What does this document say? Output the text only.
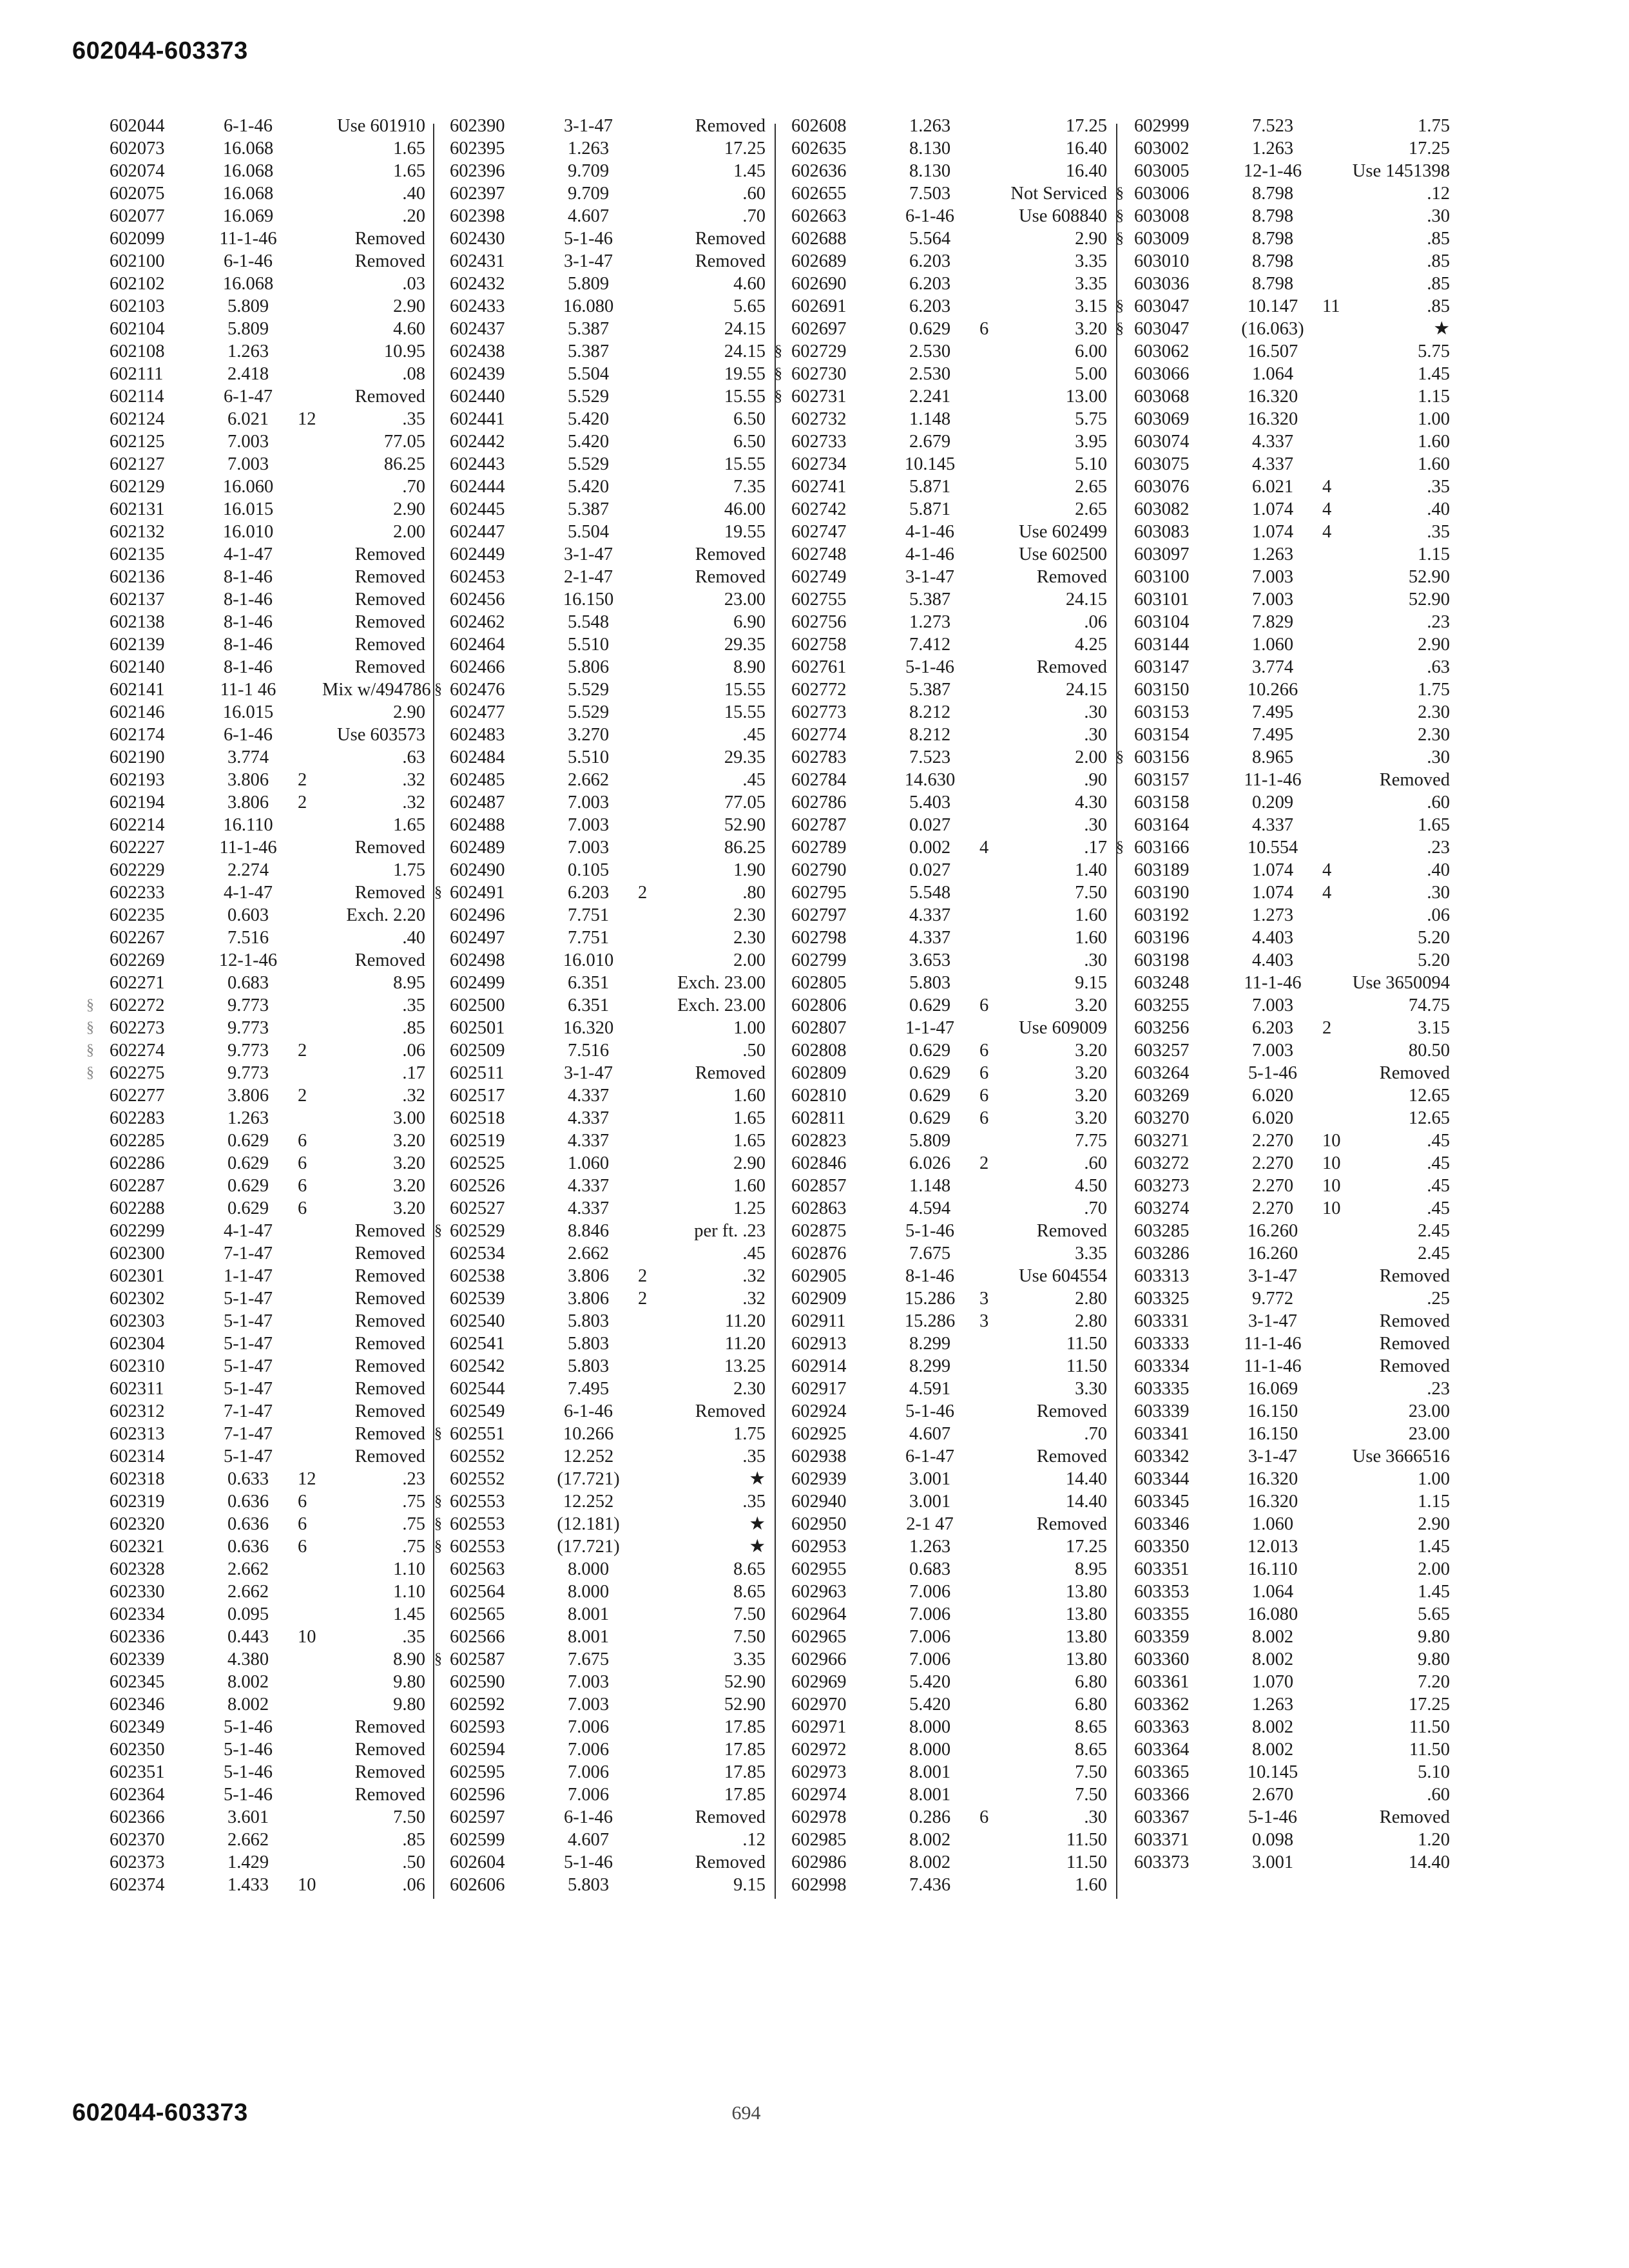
602044-603373
602044	6-1-46	Use 601910
602073	16.068	1.65
602074	16.068	1.65
602075	16.068	.40
602077	16.069	.20
602099	11-1-46	Removed
602100	6-1-46	Removed
602102	16.068	.03
602103	5.809	2.90
602104	5.809	4.60
602108	1.263	10.95
602111	2.418	.08
602114	6-1-47	Removed
602124	6.021	12	.35
602125	7.003	77.05
602127	7.003	86.25
602129	16.060	.70
602131	16.015	2.90
602132	16.010	2.00
602135	4-1-47	Removed
602136	8-1-46	Removed
602137	8-1-46	Removed
602138	8-1-46	Removed
602139	8-1-46	Removed
602140	8-1-46	Removed
602141	11-1 46	Mix w/494786 §
602146	16.015	2.90
602174	6-1-46	Use 603573
602190	3.774	.63
602193	3.806	2	.32
602194	3.806	2	.32
602214	16.110	1.65
602227	11-1-46	Removed
602229	2.274	1.75
602233	4-1-47	Removed §
602235	0.603	Exch. 2.20
602267	7.516	.40
602269	12-1-46	Removed
602271	0.683	8.95
602272	9.773	.35
§
602273	9.773	.85
§
602274	9.773	2	.06
§
602275	9.773	.17
§
602277	3.806	2	.32
602283	1.263	3.00
602285	0.629	6	3.20
602286	0.629	6	3.20
602287	0.629	6	3.20
602288	0.629	6	3.20
602299	4-1-47	Removed §
602300	7-1-47	Removed
602301	1-1-47	Removed
602302	5-1-47	Removed
602303	5-1-47	Removed
602304	5-1-47	Removed
602310	5-1-47	Removed
602311	5-1-47	Removed
602312	7-1-47	Removed
602313	7-1-47	Removed §
602314	5-1-47	Removed
602318	0.633	12	.23
602319	0.636	6	.75 §
602320	0.636	6	.75 §
602321	0.636	6	.75 §
602328	2.662	1.10
602330	2.662	1.10
602334	0.095	1.45
602336	0.443	10	.35
602339	4.380	8.90 §
602345	8.002	9.80
602346	8.002	9.80
602349	5-1-46	Removed
602350	5-1-46	Removed
602351	5-1-46	Removed
602364	5-1-46	Removed
602366	3.601	7.50
602370	2.662	.85
602373	1.429	.50
602374	1.433	10	.06
602390	3-1-47	Removed
602395	1.263	17.25
602396	9.709	1.45
602397	9.709	.60
602398	4.607	.70
602430	5-1-46	Removed
602431	3-1-47	Removed
602432	5.809	4.60
602433	16.080	5.65
602437	5.387	24.15
602438	5.387	24.15 §
602439	5.504	19.55 §
602440	5.529	15.55 §
602441	5.420	6.50
602442	5.420	6.50
602443	5.529	15.55
602444	5.420	7.35
602445	5.387	46.00
602447	5.504	19.55
602449	3-1-47	Removed
602453	2-1-47	Removed
602456	16.150	23.00
602462	5.548	6.90
602464	5.510	29.35
602466	5.806	8.90
602476	5.529	15.55
602477	5.529	15.55
602483	3.270	.45
602484	5.510	29.35
602485	2.662	.45
602487	7.003	77.05
602488	7.003	52.90
602489	7.003	86.25
602490	0.105	1.90
602491	6.203	2	.80
602496	7.751	2.30
602497	7.751	2.30
602498	16.010	2.00
602499	6.351	Exch. 23.00
602500	6.351	Exch. 23.00
602501	16.320	1.00
602509	7.516	.50
602511	3-1-47	Removed
602517	4.337	1.60
602518	4.337	1.65
602519	4.337	1.65
602525	1.060	2.90
602526	4.337	1.60
602527	4.337	1.25
602529	8.846	per ft. .23
602534	2.662	.45
602538	3.806	2	.32
602539	3.806	2	.32
602540	5.803	11.20
602541	5.803	11.20
602542	5.803	13.25
602544	7.495	2.30
602549	6-1-46	Removed
602551	10.266	1.75
602552	12.252	.35
602552	(17.721)	★
602553	12.252	.35
602553	(12.181)	★
602553	(17.721)	★
602563	8.000	8.65
602564	8.000	8.65
602565	8.001	7.50
602566	8.001	7.50
602587	7.675	3.35
602590	7.003	52.90
602592	7.003	52.90
602593	7.006	17.85
602594	7.006	17.85
602595	7.006	17.85
602596	7.006	17.85
602597	6-1-46	Removed
602599	4.607	.12
602604	5-1-46	Removed
602606	5.803	9.15
602608	1.263	17.25
602635	8.130	16.40
602636	8.130	16.40
602655	7.503	Not Serviced §
602663	6-1-46	Use 608840 §
602688	5.564	2.90 §
602689	6.203	3.35
602690	6.203	3.35
602691	6.203	3.15 §
602697	0.629	6	3.20 §
602729	2.530	6.00
602730	2.530	5.00
602731	2.241	13.00
602732	1.148	5.75
602733	2.679	3.95
602734	10.145	5.10
602741	5.871	2.65
602742	5.871	2.65
602747	4-1-46	Use 602499
602748	4-1-46	Use 602500
602749	3-1-47	Removed
602755	5.387	24.15
602756	1.273	.06
602758	7.412	4.25
602761	5-1-46	Removed
602772	5.387	24.15
602773	8.212	.30
602774	8.212	.30
602783	7.523	2.00 §
602784	14.630	.90
602786	5.403	4.30
602787	0.027	.30
602789	0.002	4	.17 §
602790	0.027	1.40
602795	5.548	7.50
602797	4.337	1.60
602798	4.337	1.60
602799	3.653	.30
602805	5.803	9.15
602806	0.629	6	3.20
602807	1-1-47	Use 609009
602808	0.629	6	3.20
602809	0.629	6	3.20
602810	0.629	6	3.20
602811	0.629	6	3.20
602823	5.809	7.75
602846	6.026	2	.60
602857	1.148	4.50
602863	4.594	.70
602875	5-1-46	Removed
602876	7.675	3.35
602905	8-1-46	Use 604554
602909	15.286	3	2.80
602911	15.286	3	2.80
602913	8.299	11.50
602914	8.299	11.50
602917	4.591	3.30
602924	5-1-46	Removed
602925	4.607	.70
602938	6-1-47	Removed
602939	3.001	14.40
602940	3.001	14.40
602950	2-1 47	Removed
602953	1.263	17.25
602955	0.683	8.95
602963	7.006	13.80
602964	7.006	13.80
602965	7.006	13.80
602966	7.006	13.80
602969	5.420	6.80
602970	5.420	6.80
602971	8.000	8.65
602972	8.000	8.65
602973	8.001	7.50
602974	8.001	7.50
602978	0.286	6	.30
602985	8.002	11.50
602986	8.002	11.50
602998	7.436	1.60
602999	7.523	1.75
603002	1.263	17.25
603005	12-1-46	Use 1451398
603006	8.798	.12
603008	8.798	.30
603009	8.798	.85
603010	8.798	.85
603036	8.798	.85
603047	10.147	11	.85
603047	(16.063)	★
603062	16.507	5.75
603066	1.064	1.45
603068	16.320	1.15
603069	16.320	1.00
603074	4.337	1.60
603075	4.337	1.60
603076	6.021	4	.35
603082	1.074	4	.40
603083	1.074	4	.35
603097	1.263	1.15
603100	7.003	52.90
603101	7.003	52.90
603104	7.829	.23
603144	1.060	2.90
603147	3.774	.63
603150	10.266	1.75
603153	7.495	2.30
603154	7.495	2.30
603156	8.965	.30
603157	11-1-46	Removed
603158	0.209	.60
603164	4.337	1.65
603166	10.554	.23
603189	1.074	4	.40
603190	1.074	4	.30
603192	1.273	.06
603196	4.403	5.20
603198	4.403	5.20
603248	11-1-46	Use 3650094
603255	7.003	74.75
603256	6.203	2	3.15
603257	7.003	80.50
603264	5-1-46	Removed
603269	6.020	12.65
603270	6.020	12.65
603271	2.270	10	.45
603272	2.270	10	.45
603273	2.270	10	.45
603274	2.270	10	.45
603285	16.260	2.45
603286	16.260	2.45
603313	3-1-47	Removed
603325	9.772	.25
603331	3-1-47	Removed
603333	11-1-46	Removed
603334	11-1-46	Removed
603335	16.069	.23
603339	16.150	23.00
603341	16.150	23.00
603342	3-1-47	Use 3666516
603344	16.320	1.00
603345	16.320	1.15
603346	1.060	2.90
603350	12.013	1.45
603351	16.110	2.00
603353	1.064	1.45
603355	16.080	5.65
603359	8.002	9.80
603360	8.002	9.80
603361	1.070	7.20
603362	1.263	17.25
603363	8.002	11.50
603364	8.002	11.50
603365	10.145	5.10
603366	2.670	.60
603367	5-1-46	Removed
603371	0.098	1.20
603373	3.001	14.40
602044-603373	694
